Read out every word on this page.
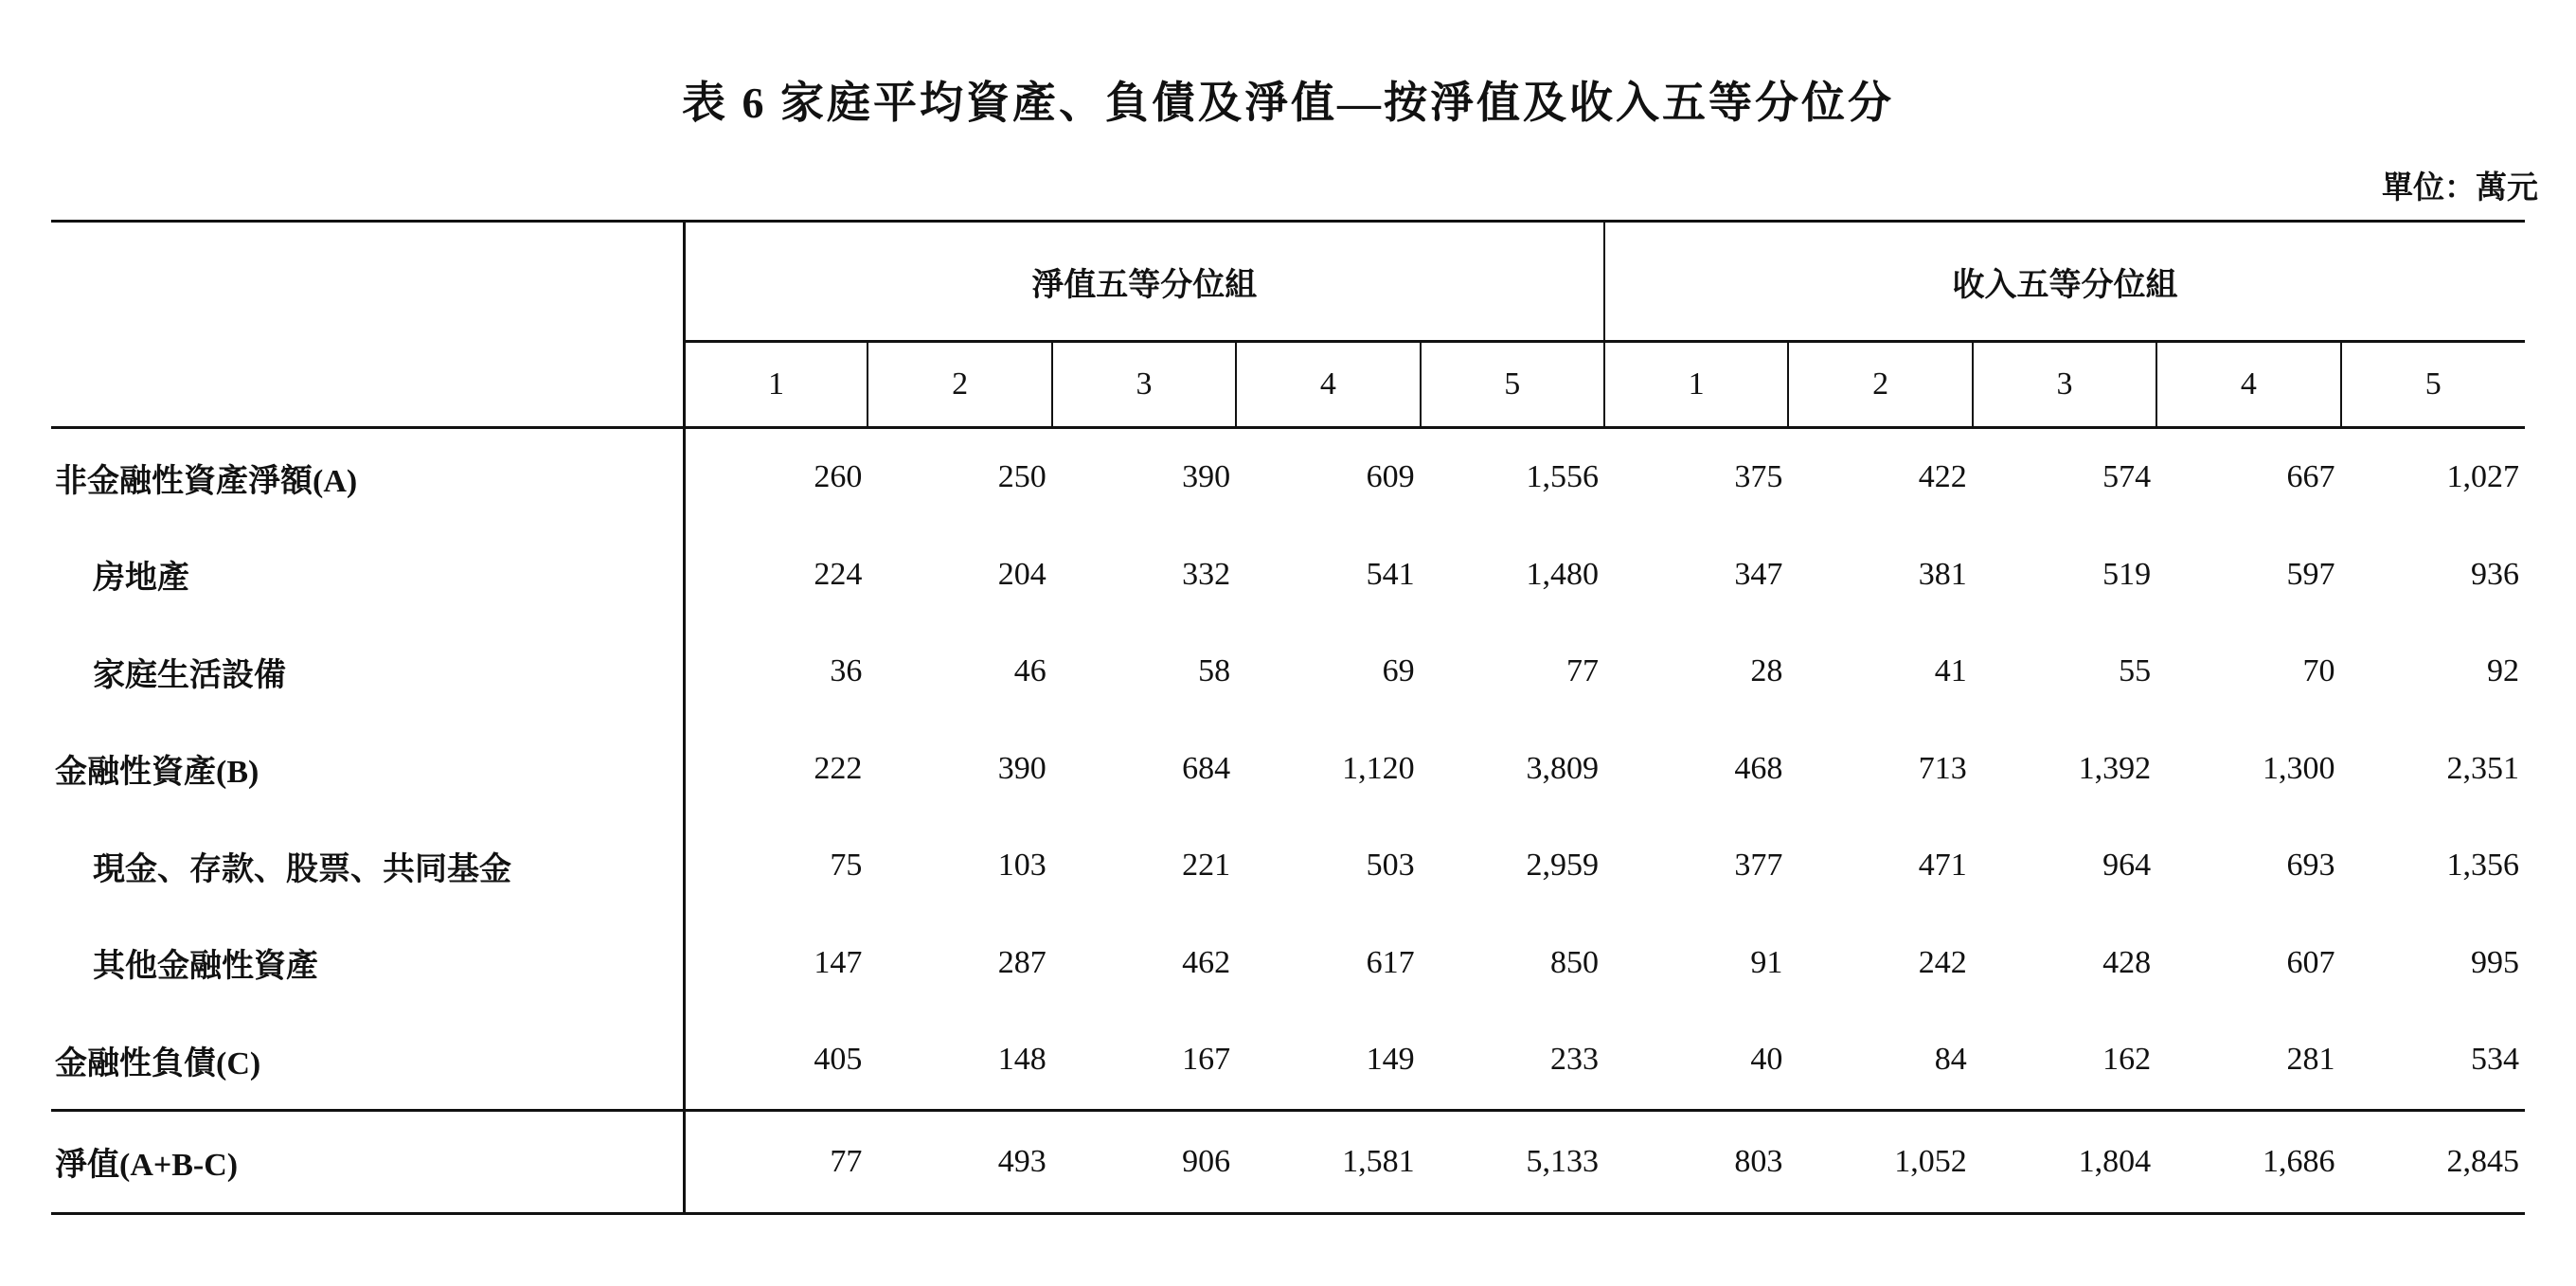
表 6 家庭平均資產、負債及淨值—按淨值及收入五等分位分
單位：萬元
	淨值五等分位組					收入五等分位組				
	1	2	3	4	5	1	2	3	4	5
非金融性資產淨額(A)	260	250	390	609	1,556	375	422	574	667	1,027
房地產	224	204	332	541	1,480	347	381	519	597	936
家庭生活設備	36	46	58	69	77	28	41	55	70	92
金融性資產(B)	222	390	684	1,120	3,809	468	713	1,392	1,300	2,351
現金、存款、股票、共同基金	75	103	221	503	2,959	377	471	964	693	1,356
其他金融性資產	147	287	462	617	850	91	242	428	607	995
金融性負債(C)	405	148	167	149	233	40	84	162	281	534
淨值(A+B-C)	77	493	906	1,581	5,133	803	1,052	1,804	1,686	2,845
